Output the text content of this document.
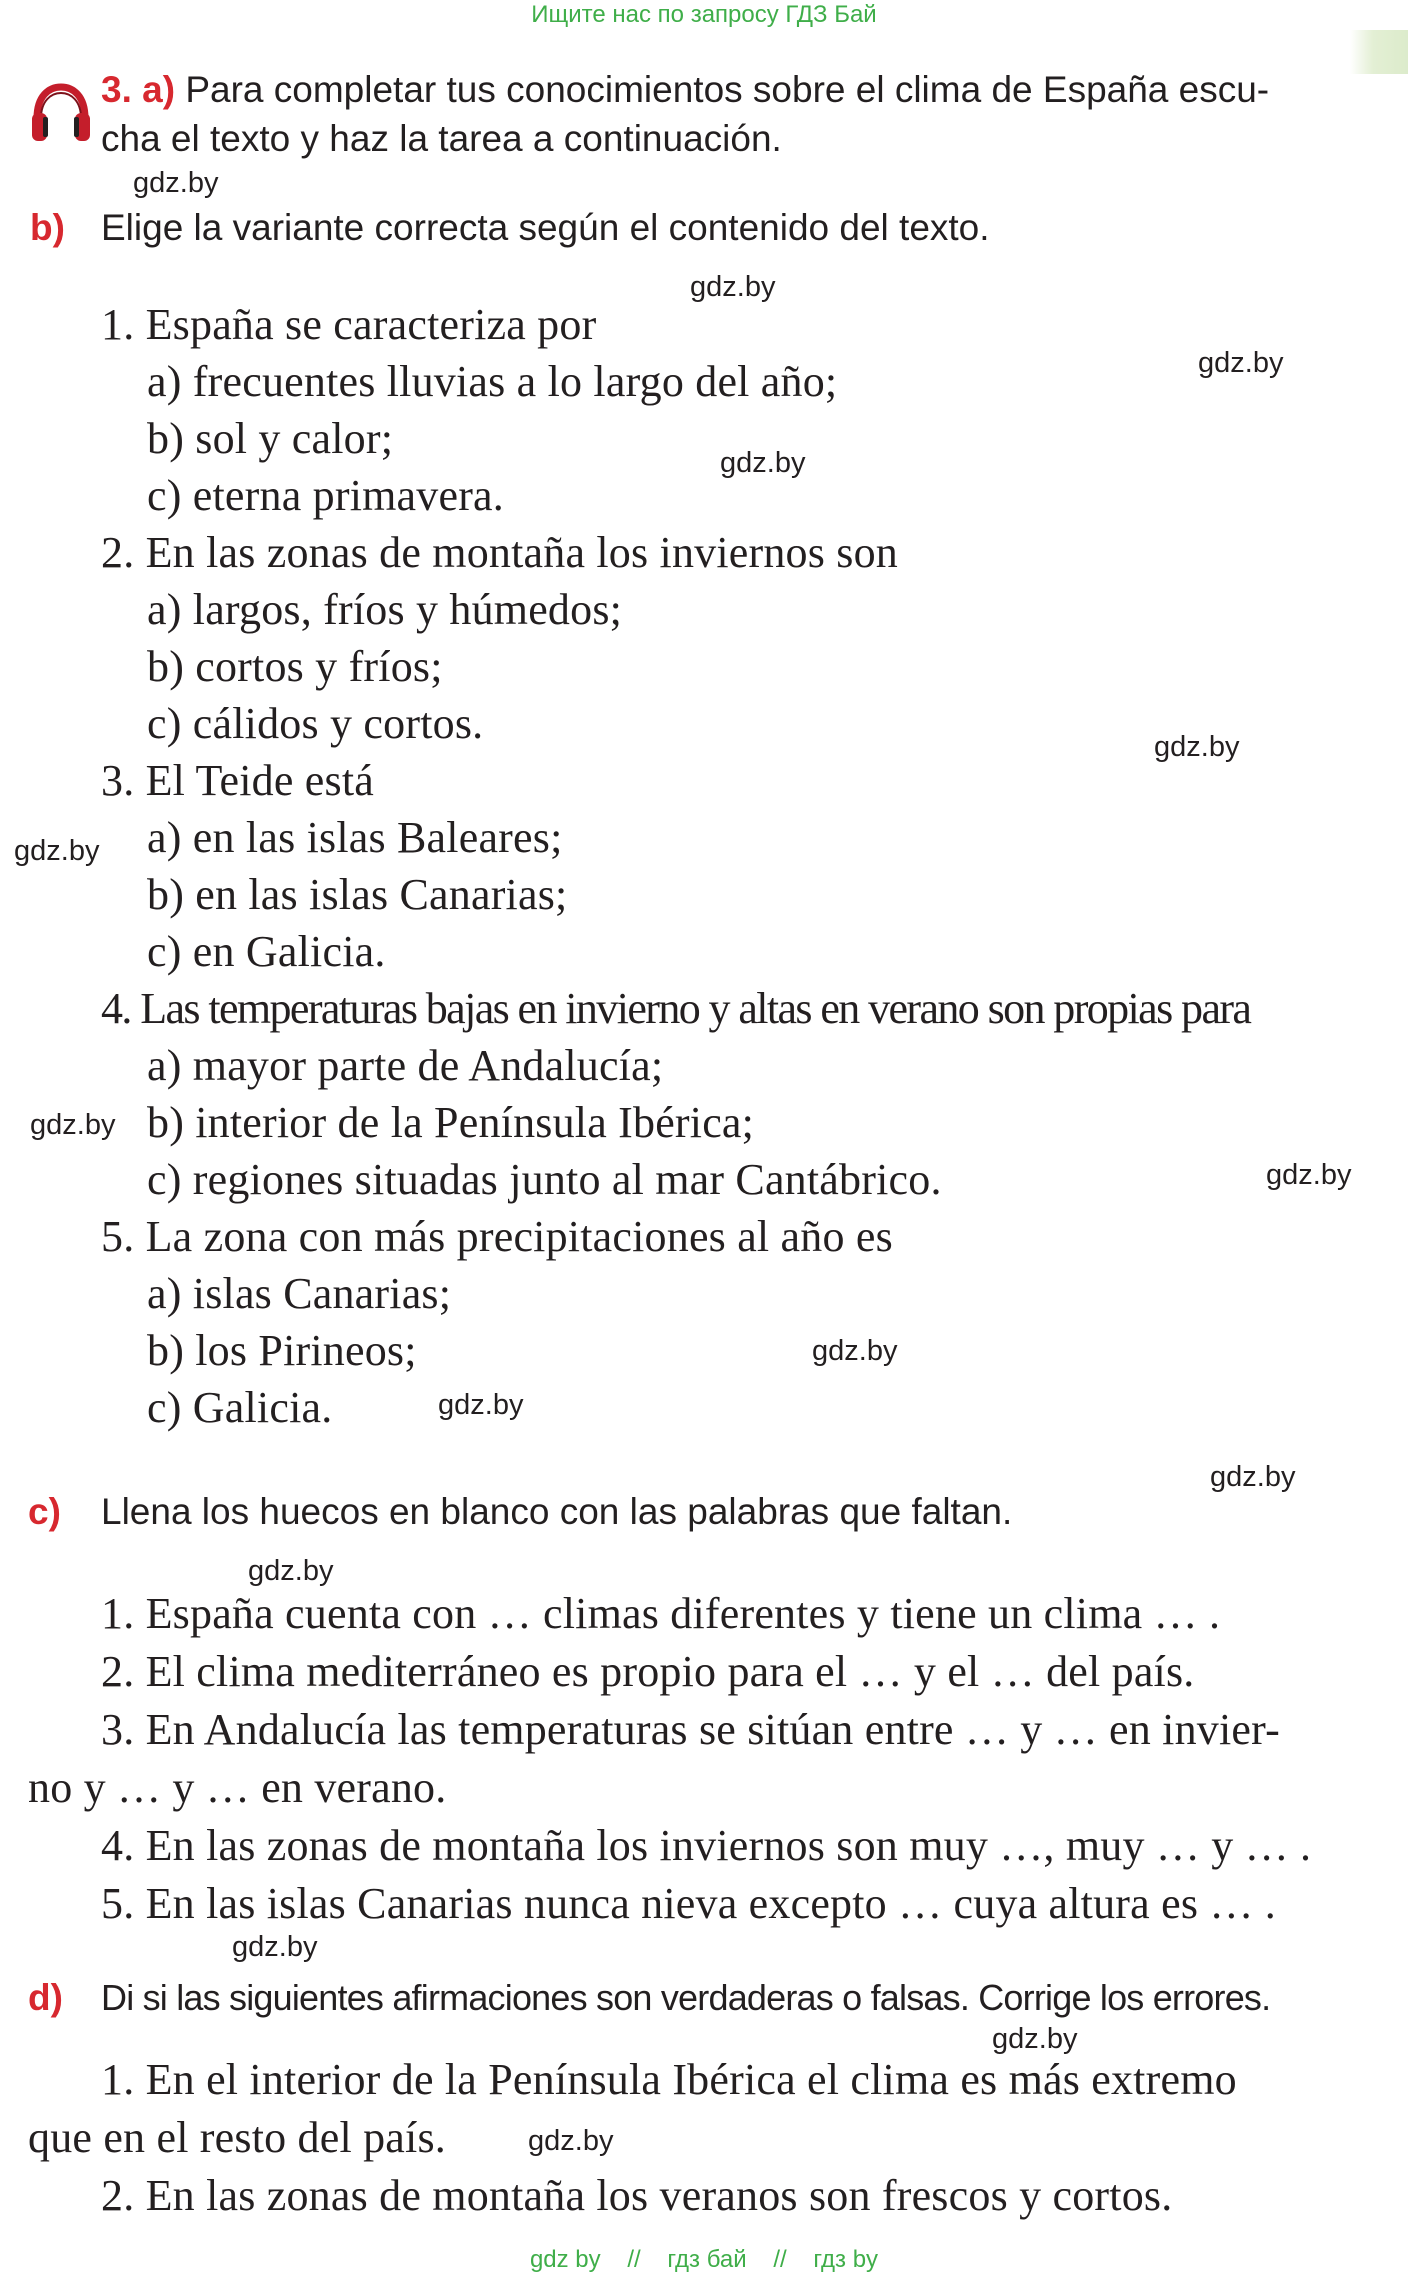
Ищите нас по запросу ГДЗ Бай
3. a) Para completar tus conocimientos sobre el clima de España escu-
cha el texto y haz la tarea a continuación.
gdz.by
b) Elige la variante correcta según el contenido del texto.
gdz.by
gdz.by
gdz.by
gdz.by
gdz.by
gdz.by
gdz.by
gdz.by
gdz.by
1. España se caracteriza por
a) frecuentes lluvias a lo largo del año;
b) sol y calor;
c) eterna primavera.
2. En las zonas de montaña los inviernos son
a) largos, fríos y húmedos;
b) cortos y fríos;
c) cálidos y cortos.
3. El Teide está
a) en las islas Baleares;
b) en las islas Canarias;
c) en Galicia.
4. Las temperaturas bajas en invierno y altas en verano son propias para
a) mayor parte de Andalucía;
b) interior de la Península Ibérica;
c) regiones situadas junto al mar Cantábrico.
5. La zona con más precipitaciones al año es
a) islas Canarias;
b) los Pirineos;
c) Galicia.
gdz.by
c) Llena los huecos en blanco con las palabras que faltan.
gdz.by
1. España cuenta con … climas diferentes y tiene un clima … .
2. El clima mediterráneo es propio para el … y el … del país.
3. En Andalucía las temperaturas se sitúan entre … y … en invier-
no y … y … en verano.
4. En las zonas de montaña los inviernos son muy …, muy … y … .
5. En las islas Canarias nunca nieva excepto … cuya altura es … .
gdz.by
d) Di si las siguientes afirmaciones son verdaderas o falsas. Corrige los errores.
gdz.by
1. En el interior de la Península Ibérica el clima es más extremo
que en el resto del país.	gdz.by
2. En las zonas de montaña los veranos son frescos y cortos.
gdz by // гдз бай // гдз by
